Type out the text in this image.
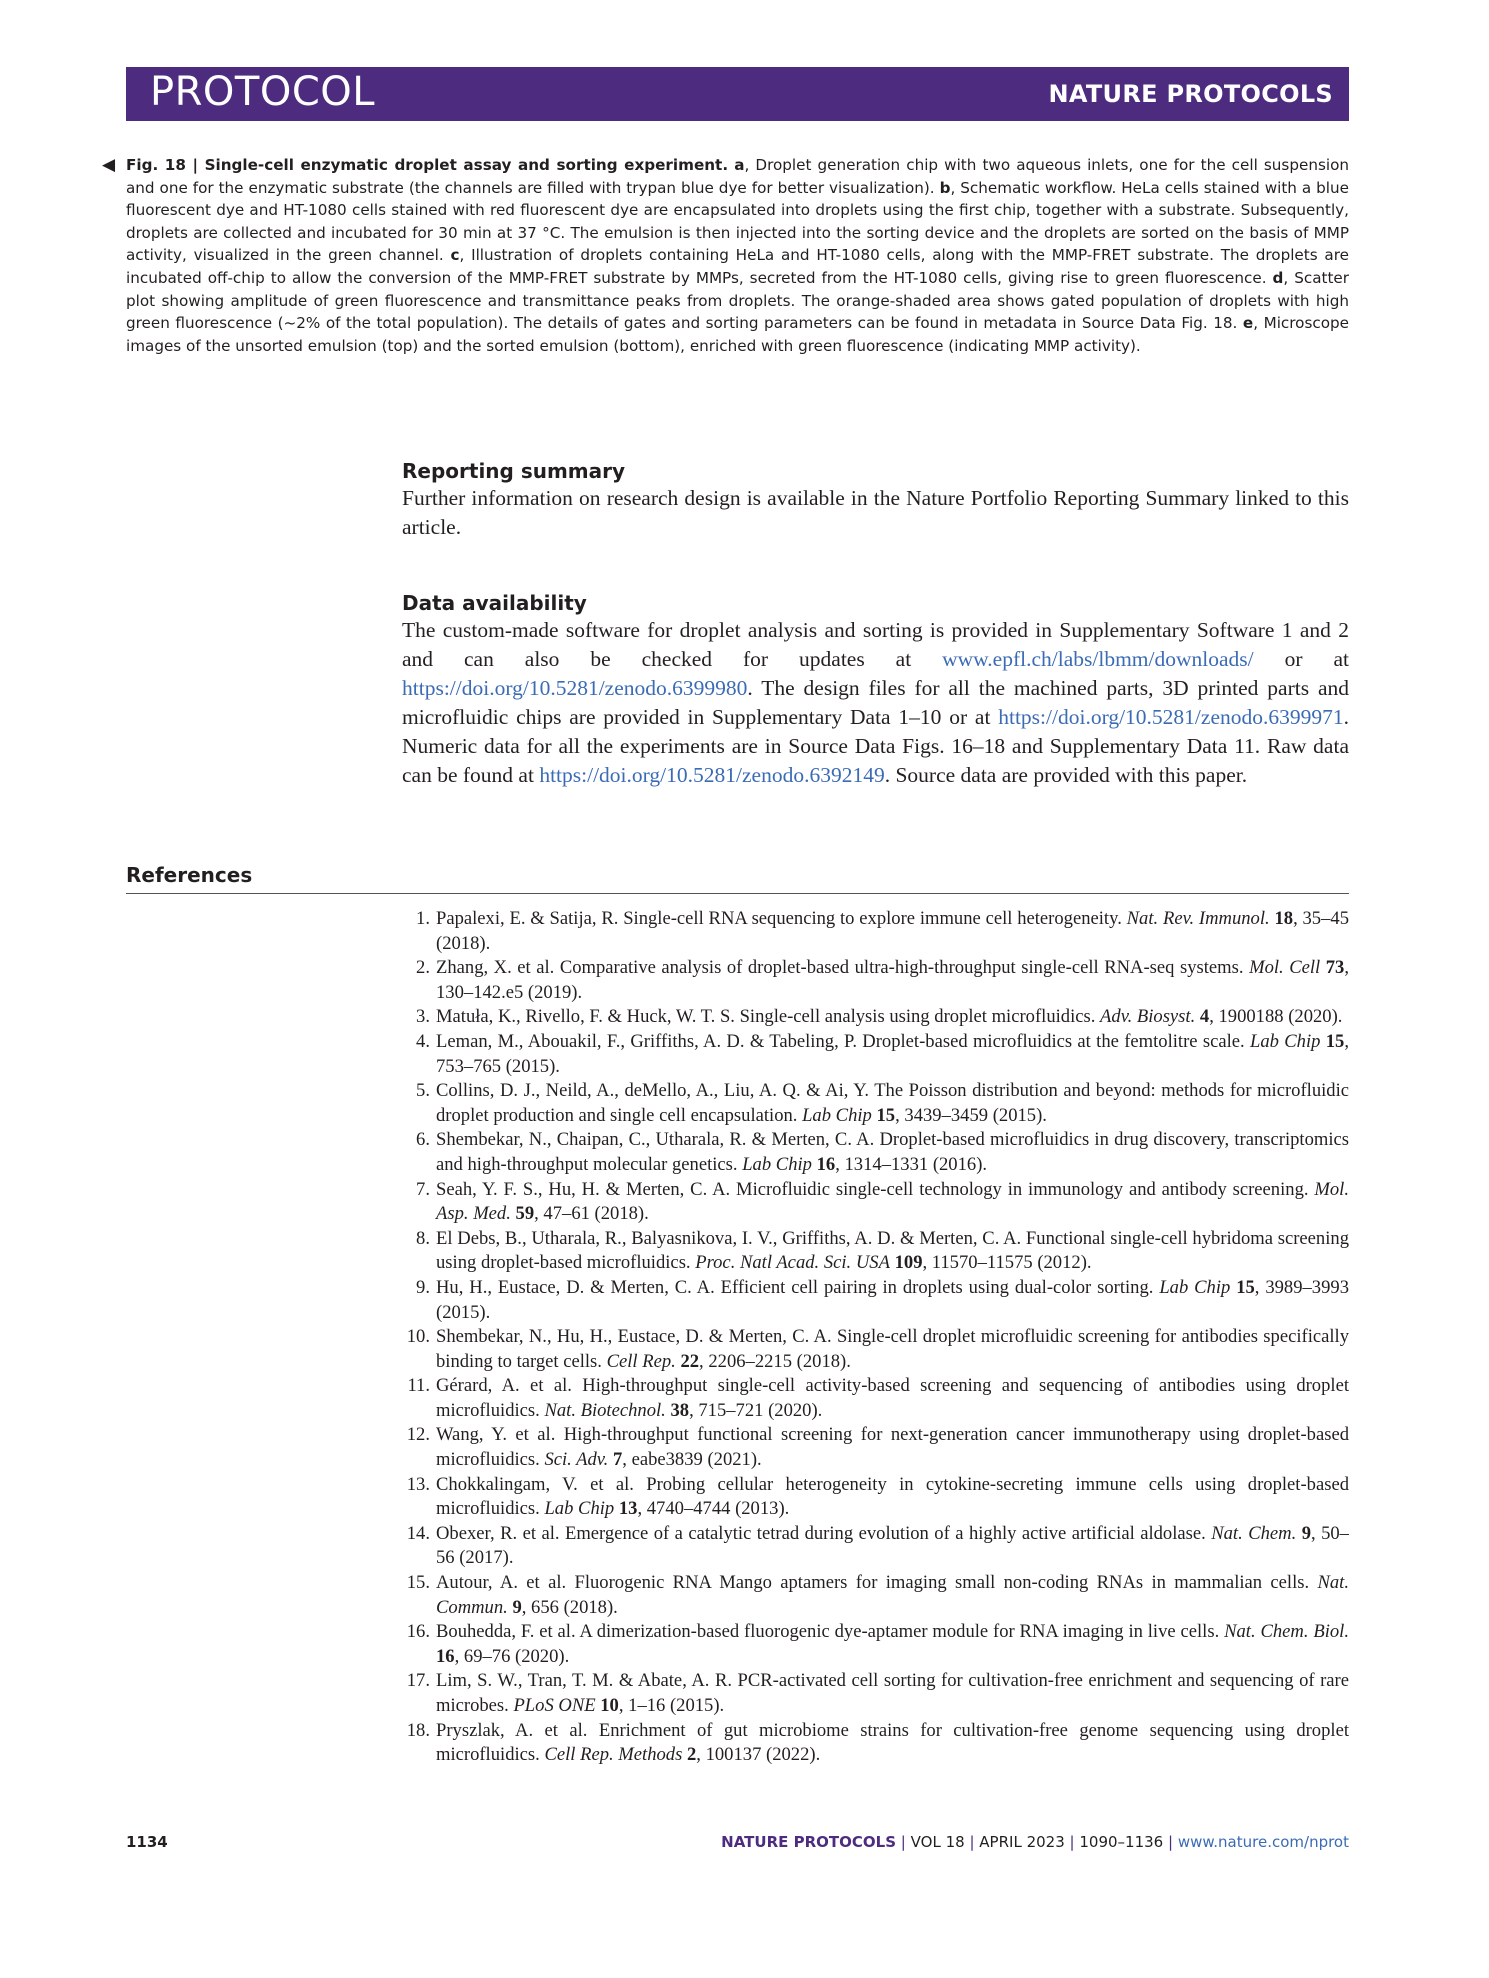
PROTOCOL	NATURE PROTOCOLS
◀ Fig. 18 | Single-cell enzymatic droplet assay and sorting experiment. a, Droplet generation chip with two aqueous inlets, one for the cell suspension and one for the enzymatic substrate (the channels are filled with trypan blue dye for better visualization). b, Schematic workflow. HeLa cells stained with a blue fluorescent dye and HT-1080 cells stained with red fluorescent dye are encapsulated into droplets using the first chip, together with a substrate. Subsequently, droplets are collected and incubated for 30 min at 37 °C. The emulsion is then injected into the sorting device and the droplets are sorted on the basis of MMP activity, visualized in the green channel. c, Illustration of droplets containing HeLa and HT-1080 cells, along with the MMP-FRET substrate. The droplets are incubated off-chip to allow the conversion of the MMP-FRET substrate by MMPs, secreted from the HT-1080 cells, giving rise to green fluorescence. d, Scatter plot showing amplitude of green fluorescence and transmittance peaks from droplets. The orange-shaded area shows gated population of droplets with high green fluorescence (~2% of the total population). The details of gates and sorting parameters can be found in metadata in Source Data Fig. 18. e, Microscope images of the unsorted emulsion (top) and the sorted emulsion (bottom), enriched with green fluorescence (indicating MMP activity).
Reporting summary

Further information on research design is available in the Nature Portfolio Reporting Summary linked to this article.

Data availability

The custom-made software for droplet analysis and sorting is provided in Supplementary Software 1 and 2 and can also be checked for updates at www.epfl.ch/labs/lbmm/downloads/ or at https://doi.org/10.5281/zenodo.6399980. The design files for all the machined parts, 3D printed parts and microfluidic chips are provided in Supplementary Data 1–10 or at https://doi.org/10.5281/zenodo.6399971. Numeric data for all the experiments are in Source Data Figs. 16–18 and Supplementary Data 11. Raw data can be found at https://doi.org/10.5281/zenodo.6392149. Source data are provided with this paper.

References
1. Papalexi, E. & Satija, R. Single-cell RNA sequencing to explore immune cell heterogeneity. Nat. Rev. Immunol. 18, 35–45 (2018).
2. Zhang, X. et al. Comparative analysis of droplet-based ultra-high-throughput single-cell RNA-seq systems. Mol. Cell 73, 130–142.e5 (2019).
3. Matuła, K., Rivello, F. & Huck, W. T. S. Single-cell analysis using droplet microfluidics. Adv. Biosyst. 4, 1900188 (2020).
4. Leman, M., Abouakil, F., Griffiths, A. D. & Tabeling, P. Droplet-based microfluidics at the femtolitre scale. Lab Chip 15, 753–765 (2015).
5. Collins, D. J., Neild, A., deMello, A., Liu, A. Q. & Ai, Y. The Poisson distribution and beyond: methods for microfluidic droplet production and single cell encapsulation. Lab Chip 15, 3439–3459 (2015).
6. Shembekar, N., Chaipan, C., Utharala, R. & Merten, C. A. Droplet-based microfluidics in drug discovery, transcriptomics and high-throughput molecular genetics. Lab Chip 16, 1314–1331 (2016).
7. Seah, Y. F. S., Hu, H. & Merten, C. A. Microfluidic single-cell technology in immunology and antibody screening. Mol. Asp. Med. 59, 47–61 (2018).
8. El Debs, B., Utharala, R., Balyasnikova, I. V., Griffiths, A. D. & Merten, C. A. Functional single-cell hybridoma screening using droplet-based microfluidics. Proc. Natl Acad. Sci. USA 109, 11570–11575 (2012).
9. Hu, H., Eustace, D. & Merten, C. A. Efficient cell pairing in droplets using dual-color sorting. Lab Chip 15, 3989–3993 (2015).
10. Shembekar, N., Hu, H., Eustace, D. & Merten, C. A. Single-cell droplet microfluidic screening for antibodies specifically binding to target cells. Cell Rep. 22, 2206–2215 (2018).
11. Gérard, A. et al. High-throughput single-cell activity-based screening and sequencing of antibodies using droplet microfluidics. Nat. Biotechnol. 38, 715–721 (2020).
12. Wang, Y. et al. High-throughput functional screening for next-generation cancer immunotherapy using droplet-based microfluidics. Sci. Adv. 7, eabe3839 (2021).
13. Chokkalingam, V. et al. Probing cellular heterogeneity in cytokine-secreting immune cells using droplet-based microfluidics. Lab Chip 13, 4740–4744 (2013).
14. Obexer, R. et al. Emergence of a catalytic tetrad during evolution of a highly active artificial aldolase. Nat. Chem. 9, 50–56 (2017).
15. Autour, A. et al. Fluorogenic RNA Mango aptamers for imaging small non-coding RNAs in mammalian cells. Nat. Commun. 9, 656 (2018).
16. Bouhedda, F. et al. A dimerization-based fluorogenic dye-aptamer module for RNA imaging in live cells. Nat. Chem. Biol. 16, 69–76 (2020).
17. Lim, S. W., Tran, T. M. & Abate, A. R. PCR-activated cell sorting for cultivation-free enrichment and sequencing of rare microbes. PLoS ONE 10, 1–16 (2015).
18. Pryszlak, A. et al. Enrichment of gut microbiome strains for cultivation-free genome sequencing using droplet microfluidics. Cell Rep. Methods 2, 100137 (2022).
1134	NATURE PROTOCOLS | VOL 18 | APRIL 2023 | 1090–1136 | www.nature.com/nprot
